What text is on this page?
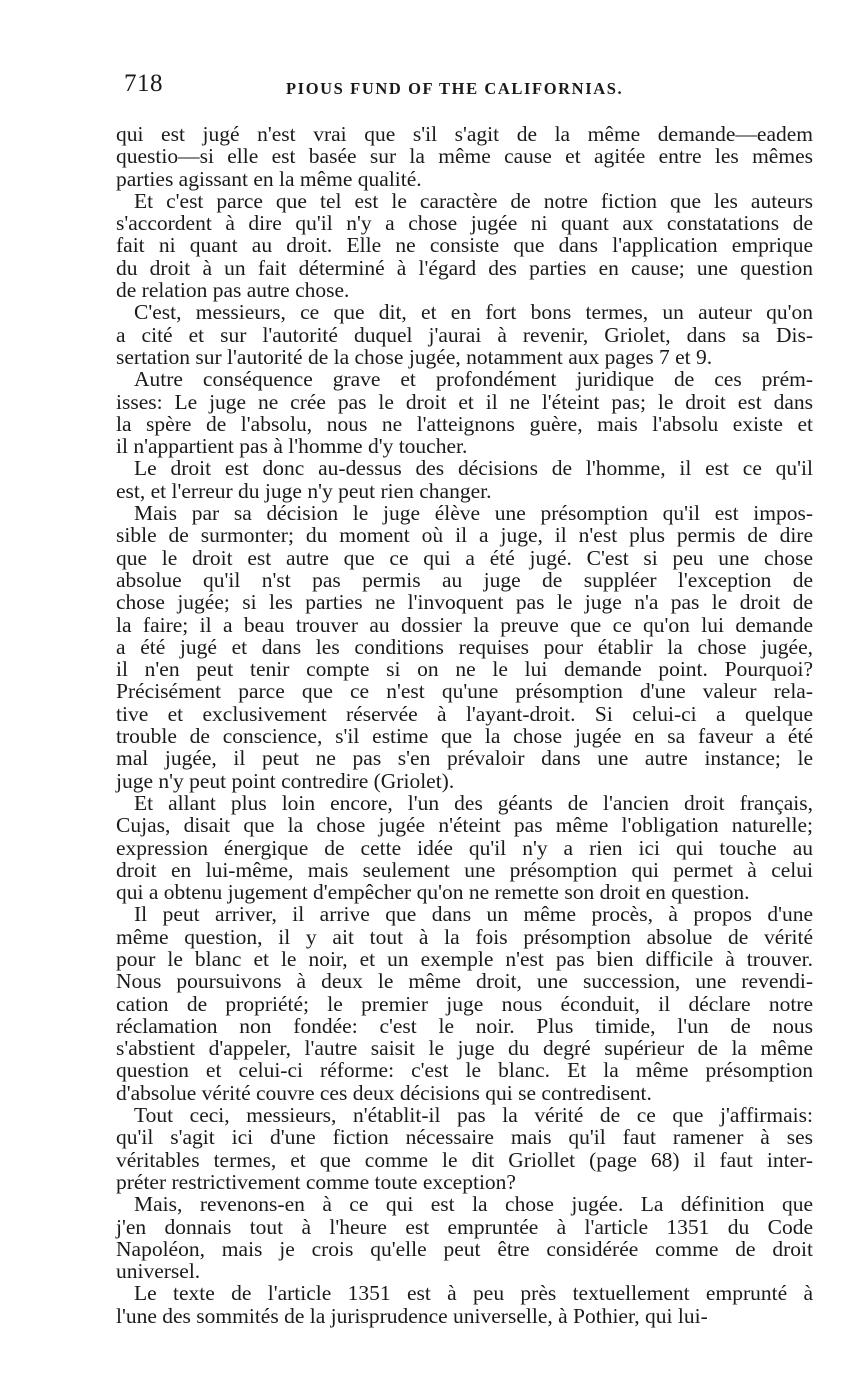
718	PIOUS FUND OF THE CALIFORNIAS.
qui est jugé n'est vrai que s'il s'agit de la même demande—eadem
questio—si elle est basée sur la même cause et agitée entre les mêmes
parties agissant en la même qualité.
Et c'est parce que tel est le caractère de notre fiction que les auteurs
s'accordent à dire qu'il n'y a chose jugée ni quant aux constatations de
fait ni quant au droit. Elle ne consiste que dans l'application emprique
du droit à un fait déterminé à l'égard des parties en cause; une question
de relation pas autre chose.
C'est, messieurs, ce que dit, et en fort bons termes, un auteur qu'on
a cité et sur l'autorité duquel j'aurai à revenir, Griolet, dans sa Dis-
sertation sur l'autorité de la chose jugée, notamment aux pages 7 et 9.
Autre conséquence grave et profondément juridique de ces prém-
isses: Le juge ne crée pas le droit et il ne l'éteint pas; le droit est dans
la spère de l'absolu, nous ne l'atteignons guère, mais l'absolu existe et
il n'appartient pas à l'homme d'y toucher.
Le droit est donc au-dessus des décisions de l'homme, il est ce qu'il
est, et l'erreur du juge n'y peut rien changer.
Mais par sa décision le juge élève une présomption qu'il est impos-
sible de surmonter; du moment où il a juge, il n'est plus permis de dire
que le droit est autre que ce qui a été jugé. C'est si peu une chose
absolue qu'il n'st pas permis au juge de suppléer l'exception de
chose jugée; si les parties ne l'invoquent pas le juge n'a pas le droit de
la faire; il a beau trouver au dossier la preuve que ce qu'on lui demande
a été jugé et dans les conditions requises pour établir la chose jugée,
il n'en peut tenir compte si on ne le lui demande point. Pourquoi?
Précisément parce que ce n'est qu'une présomption d'une valeur rela-
tive et exclusivement réservée à l'ayant-droit. Si celui-ci a quelque
trouble de conscience, s'il estime que la chose jugée en sa faveur a été
mal jugée, il peut ne pas s'en prévaloir dans une autre instance; le
juge n'y peut point contredire (Griolet).
Et allant plus loin encore, l'un des géants de l'ancien droit français,
Cujas, disait que la chose jugée n'éteint pas même l'obligation naturelle;
expression énergique de cette idée qu'il n'y a rien ici qui touche au
droit en lui-même, mais seulement une présomption qui permet à celui
qui a obtenu jugement d'empêcher qu'on ne remette son droit en question.
Il peut arriver, il arrive que dans un même procès, à propos d'une
même question, il y ait tout à la fois présomption absolue de vérité
pour le blanc et le noir, et un exemple n'est pas bien difficile à trouver.
Nous poursuivons à deux le même droit, une succession, une revendi-
cation de propriété; le premier juge nous éconduit, il déclare notre
réclamation non fondée: c'est le noir. Plus timide, l'un de nous
s'abstient d'appeler, l'autre saisit le juge du degré supérieur de la même
question et celui-ci réforme: c'est le blanc. Et la même présomption
d'absolue vérité couvre ces deux décisions qui se contredisent.
Tout ceci, messieurs, n'établit-il pas la vérité de ce que j'affirmais:
qu'il s'agit ici d'une fiction nécessaire mais qu'il faut ramener à ses
véritables termes, et que comme le dit Griollet (page 68) il faut inter-
préter restrictivement comme toute exception?
Mais, revenons-en à ce qui est la chose jugée. La définition que
j'en donnais tout à l'heure est empruntée à l'article 1351 du Code
Napoléon, mais je crois qu'elle peut être considérée comme de droit
universel.
Le texte de l'article 1351 est à peu près textuellement emprunté à
l'une des sommités de la jurisprudence universelle, à Pothier, qui lui-
